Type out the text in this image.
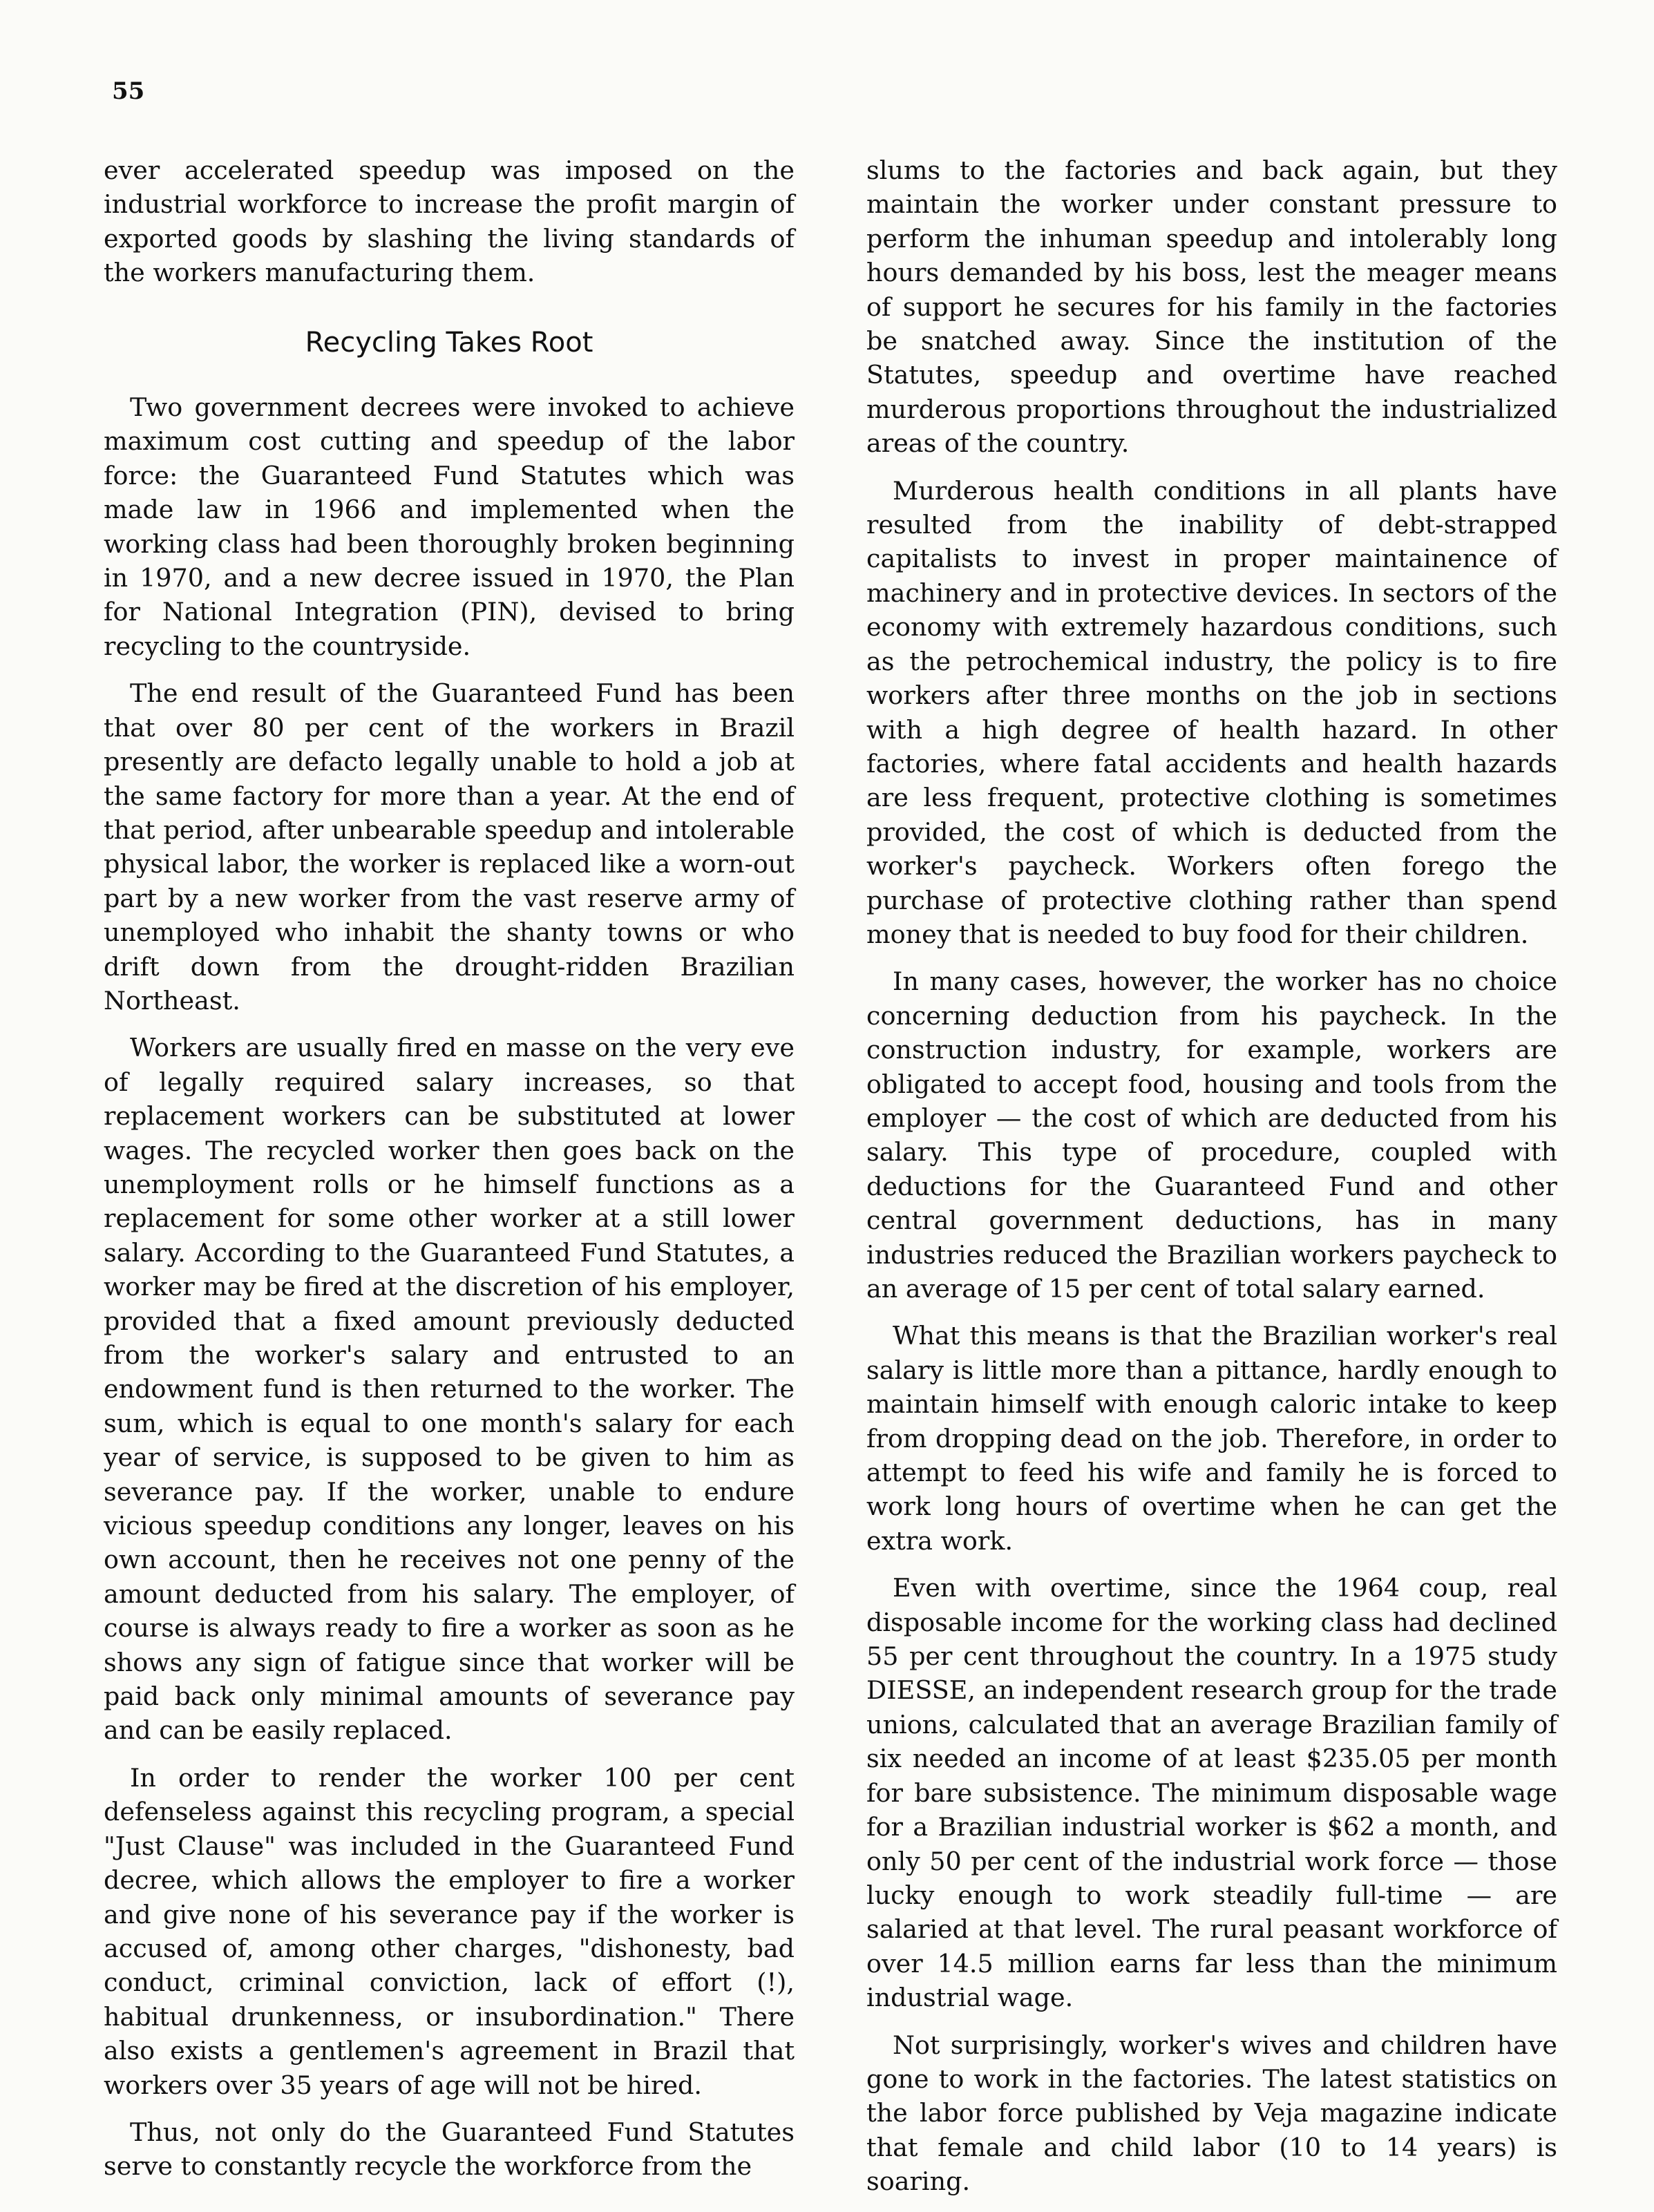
55

ever accelerated speedup was imposed on the industrial workforce to increase the profit margin of exported goods by slashing the living standards of the workers manufacturing them.

Recycling Takes Root

Two government decrees were invoked to achieve maximum cost cutting and speedup of the labor force: the Guaranteed Fund Statutes which was made law in 1966 and implemented when the working class had been thoroughly broken beginning in 1970, and a new decree issued in 1970, the Plan for National Integration (PIN), devised to bring recycling to the countryside.

The end result of the Guaranteed Fund has been that over 80 per cent of the workers in Brazil presently are defacto legally unable to hold a job at the same factory for more than a year. At the end of that period, after unbearable speedup and intolerable physical labor, the worker is replaced like a worn-out part by a new worker from the vast reserve army of unemployed who inhabit the shanty towns or who drift down from the drought-ridden Brazilian Northeast.

Workers are usually fired en masse on the very eve of legally required salary increases, so that replacement workers can be substituted at lower wages. The recycled worker then goes back on the unemployment rolls or he himself functions as a replacement for some other worker at a still lower salary. According to the Guaranteed Fund Statutes, a worker may be fired at the discretion of his employer, provided that a fixed amount previously deducted from the worker's salary and entrusted to an endowment fund is then returned to the worker. The sum, which is equal to one month's salary for each year of service, is supposed to be given to him as severance pay. If the worker, unable to endure vicious speedup conditions any longer, leaves on his own account, then he receives not one penny of the amount deducted from his salary. The employer, of course is always ready to fire a worker as soon as he shows any sign of fatigue since that worker will be paid back only minimal amounts of severance pay and can be easily replaced.

In order to render the worker 100 per cent defenseless against this recycling program, a special "Just Clause" was included in the Guaranteed Fund decree, which allows the employer to fire a worker and give none of his severance pay if the worker is accused of, among other charges, "dishonesty, bad conduct, criminal conviction, lack of effort (!), habitual drunkenness, or insubordination." There also exists a gentlemen's agreement in Brazil that workers over 35 years of age will not be hired.

Thus, not only do the Guaranteed Fund Statutes serve to constantly recycle the workforce from the

slums to the factories and back again, but they maintain the worker under constant pressure to perform the inhuman speedup and intolerably long hours demanded by his boss, lest the meager means of support he secures for his family in the factories be snatched away. Since the institution of the Statutes, speedup and overtime have reached murderous proportions throughout the industrialized areas of the country.

Murderous health conditions in all plants have resulted from the inability of debt-strapped capitalists to invest in proper maintainence of machinery and in protective devices. In sectors of the economy with extremely hazardous conditions, such as the petrochemical industry, the policy is to fire workers after three months on the job in sections with a high degree of health hazard. In other factories, where fatal accidents and health hazards are less frequent, protective clothing is sometimes provided, the cost of which is deducted from the worker's paycheck. Workers often forego the purchase of protective clothing rather than spend money that is needed to buy food for their children.

In many cases, however, the worker has no choice concerning deduction from his paycheck. In the construction industry, for example, workers are obligated to accept food, housing and tools from the employer — the cost of which are deducted from his salary. This type of procedure, coupled with deductions for the Guaranteed Fund and other central government deductions, has in many industries reduced the Brazilian workers paycheck to an average of 15 per cent of total salary earned.

What this means is that the Brazilian worker's real salary is little more than a pittance, hardly enough to maintain himself with enough caloric intake to keep from dropping dead on the job. Therefore, in order to attempt to feed his wife and family he is forced to work long hours of overtime when he can get the extra work.

Even with overtime, since the 1964 coup, real disposable income for the working class had declined 55 per cent throughout the country. In a 1975 study DIESSE, an independent research group for the trade unions, calculated that an average Brazilian family of six needed an income of at least $235.05 per month for bare subsistence. The minimum disposable wage for a Brazilian industrial worker is $62 a month, and only 50 per cent of the industrial work force — those lucky enough to work steadily full-time — are salaried at that level. The rural peasant workforce of over 14.5 million earns far less than the minimum industrial wage.

Not surprisingly, worker's wives and children have gone to work in the factories. The latest statistics on the labor force published by Veja magazine indicate that female and child labor (10 to 14 years) is soaring.
